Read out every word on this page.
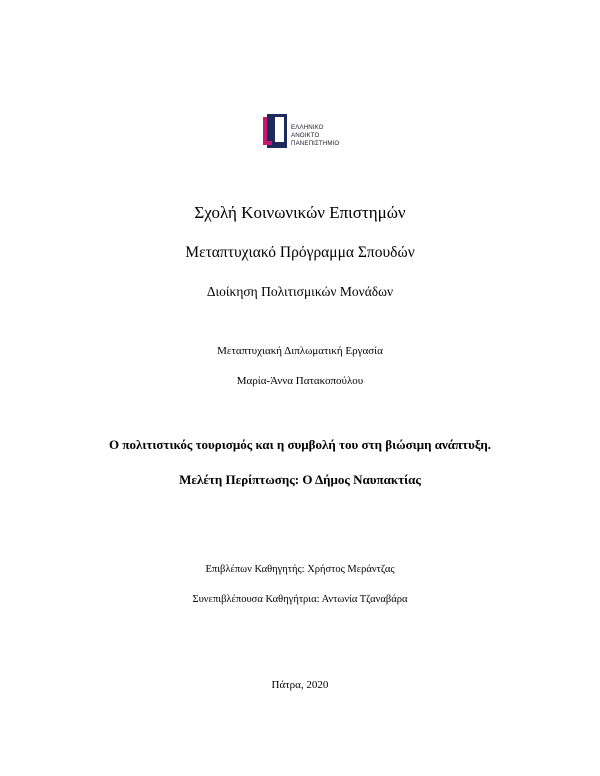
ΕΛΛΗΝΙΚΟ
ΑΝΟΙΚΤΟ
ΠΑΝΕΠΙΣΤΗΜΙΟ
Σχολή Κοινωνικών Επιστημών
Μεταπτυχιακό Πρόγραμμα Σπουδών
Διοίκηση Πολιτισμικών Μονάδων
Μεταπτυχιακή Διπλωματική Εργασία
Μαρία-Άννα Πατακοπούλου
Ο πολιτιστικός τουρισμός και η συμβολή του στη βιώσιμη ανάπτυξη.
Μελέτη Περίπτωσης: Ο Δήμος Ναυπακτίας
Επιβλέπων Καθηγητής: Χρήστος Μεράντζας
Συνεπιβλέπουσα Καθηγήτρια: Αντωνία Τζαναβάρα
Πάτρα, 2020
